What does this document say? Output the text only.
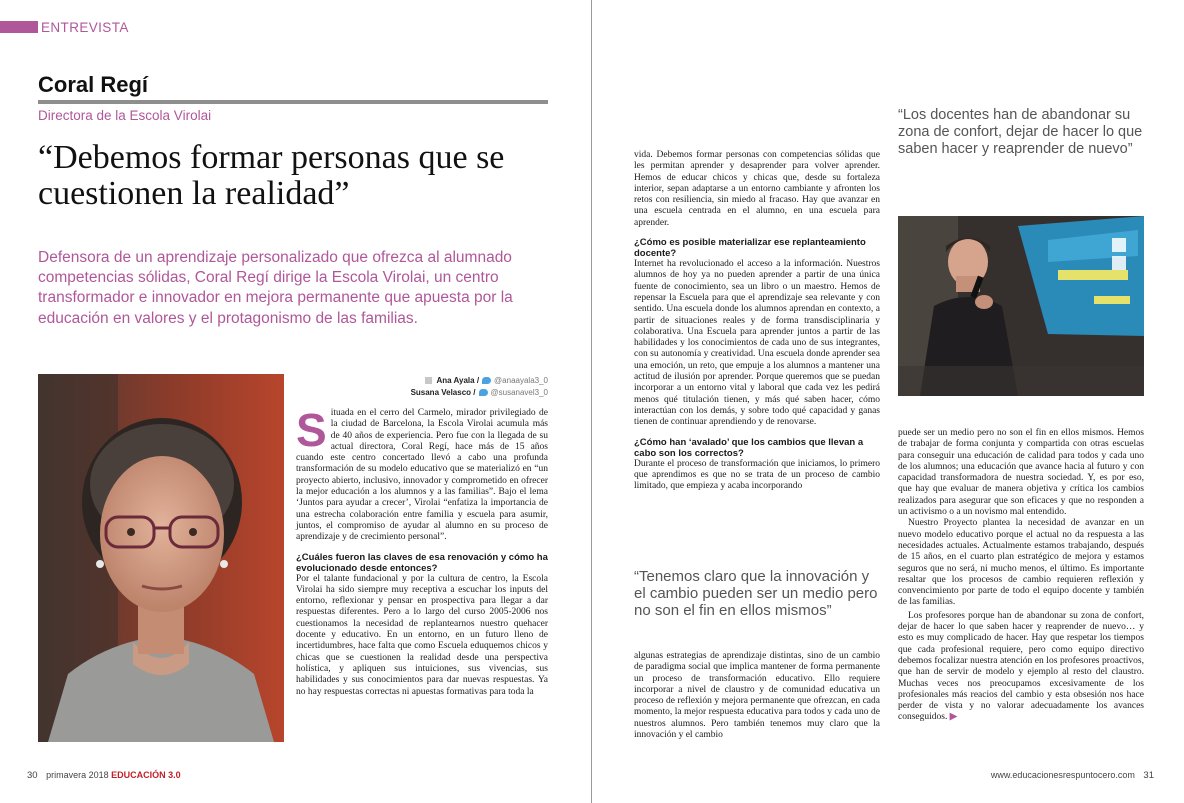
ENTREVISTA
Coral Regí
Directora de la Escola Virolai
“Debemos formar personas que se cuestionen la realidad”
Defensora de un aprendizaje personalizado que ofrezca al alumnado competencias sólidas, Coral Regí dirige la Escola Virolai, un centro transformador e innovador en mejora permanente que apuesta por la educación en valores y el protagonismo de las familias.
Ana Ayala / @anaayala3_0
Susana Velasco / @susanavel3_0

S ituada en el cerro del Carmelo, mirador privilegiado de la ciudad de Barcelona, la Escola Virolai acumula más de 40 años de experiencia. Pero fue con la llegada de su actual directora, Coral Regí, hace más de 15 años cuando este centro concertado llevó a cabo una profunda transformación de su modelo educativo que se materializó en “un proyecto abierto, inclusivo, innovador y comprometido en ofrecer la mejor educación a los alumnos y a las familias”. Bajo el lema ‘Juntos para ayudar a crecer’, Virolai “enfatiza la importancia de una estrecha colaboración entre familia y escuela para asumir, juntos, el compromiso de ayudar al alumno en su proceso de aprendizaje y de crecimiento personal”.

¿Cuáles fueron las claves de esa renovación y cómo ha evolucionado desde entonces?

Por el talante fundacional y por la cultura de centro, la Escola Virolai ha sido siempre muy receptiva a escuchar los inputs del entorno, reflexionar y pensar en prospectiva para llegar a dar respuestas diferentes. Pero a lo largo del curso 2005-2006 nos cuestionamos la necesidad de replantearnos nuestro quehacer docente y educativo. En un entorno, en un futuro lleno de incertidumbres, hace falta que como Escuela eduquemos chicos y chicas que se cuestionen la realidad desde una perspectiva holística, y apliquen sus intuiciones, sus vivencias, sus habilidades y sus conocimientos para dar nuevas respuestas. Ya no hay respuestas correctas ni apuestas formativas para toda la

vida. Debemos formar personas con competencias sólidas que les permitan aprender y desaprender para volver aprender. Hemos de educar chicos y chicas que, desde su fortaleza interior, sepan adaptarse a un entorno cambiante y afronten los retos con resiliencia, sin miedo al fracaso. Hay que avanzar en una escuela centrada en el alumno, en una escuela para aprender.

¿Cómo es posible materializar ese replanteamiento docente?

Internet ha revolucionado el acceso a la información. Nuestros alumnos de hoy ya no pueden aprender a partir de una única fuente de conocimiento, sea un libro o un maestro. Hemos de repensar la Escuela para que el aprendizaje sea relevante y con sentido. Una escuela donde los alumnos aprendan en contexto, a partir de situaciones reales y de forma transdisciplinaria y colaborativa. Una Escuela para aprender juntos a partir de las habilidades y los conocimientos de cada uno de sus integrantes, con su autonomía y creatividad. Una escuela donde aprender sea una emoción, un reto, que empuje a los alumnos a mantener una actitud de ilusión por aprender. Porque queremos que se puedan incorporar a un entorno vital y laboral que cada vez les pedirá menos qué titulación tienen, y más qué saben hacer, cómo interactúan con los demás, y sobre todo qué capacidad y ganas tienen de continuar aprendiendo y de renovarse.

¿Cómo han ‘avalado’ que los cambios que llevan a cabo son los correctos?

Durante el proceso de transformación que iniciamos, lo primero que aprendimos es que no se trata de un proceso de cambio limitado, que empieza y acaba incorporando

“Tenemos claro que la innovación y el cambio pueden ser un medio pero no son el fin en ellos mismos”

algunas estrategias de aprendizaje distintas, sino de un cambio de paradigma social que implica mantener de forma permanente un proceso de transformación educativo. Ello requiere incorporar a nivel de claustro y de comunidad educativa un proceso de reflexión y mejora permanente que ofrezcan, en cada momento, la mejor respuesta educativa para todos y cada uno de nuestros alumnos. Pero también tenemos muy claro que la innovación y el cambio

“Los docentes han de abandonar su zona de confort, dejar de hacer lo que saben hacer y reaprender de nuevo”

puede ser un medio pero no son el fin en ellos mismos. Hemos de trabajar de forma conjunta y compartida con otras escuelas para conseguir una educación de calidad para todos y cada uno de los alumnos; una educación que avance hacia al futuro y con capacidad transformadora de nuestra sociedad. Y, es por eso, que hay que evaluar de manera objetiva y crítica los cambios realizados para asegurar que son eficaces y que no responden a un activismo o a un novismo mal entendido.

Nuestro Proyecto plantea la necesidad de avanzar en un nuevo modelo educativo porque el actual no da respuesta a las necesidades actuales. Actualmente estamos trabajando, después de 15 años, en el cuarto plan estratégico de mejora y estamos seguros que no será, ni mucho menos, el último. Es importante resaltar que los procesos de cambio requieren reflexión y convencimiento por parte de todo el equipo docente y también de las familias.

Los profesores porque han de abandonar su zona de confort, dejar de hacer lo que saben hacer y reaprender de nuevo… y esto es muy complicado de hacer. Hay que respetar los tiempos que cada profesional requiere, pero como equipo directivo debemos focalizar nuestra atención en los profesores proactivos, que han de servir de modelo y ejemplo al resto del claustro. Muchas veces nos preocupamos excesivamente de los profesionales más reacios del cambio y esta obsesión nos hace perder de vista y no valorar adecuadamente los avances conseguidos. ▶

30 primavera 2018 EDUCACIÓN 3.0	www.educacionesrespuntocero.com 31
